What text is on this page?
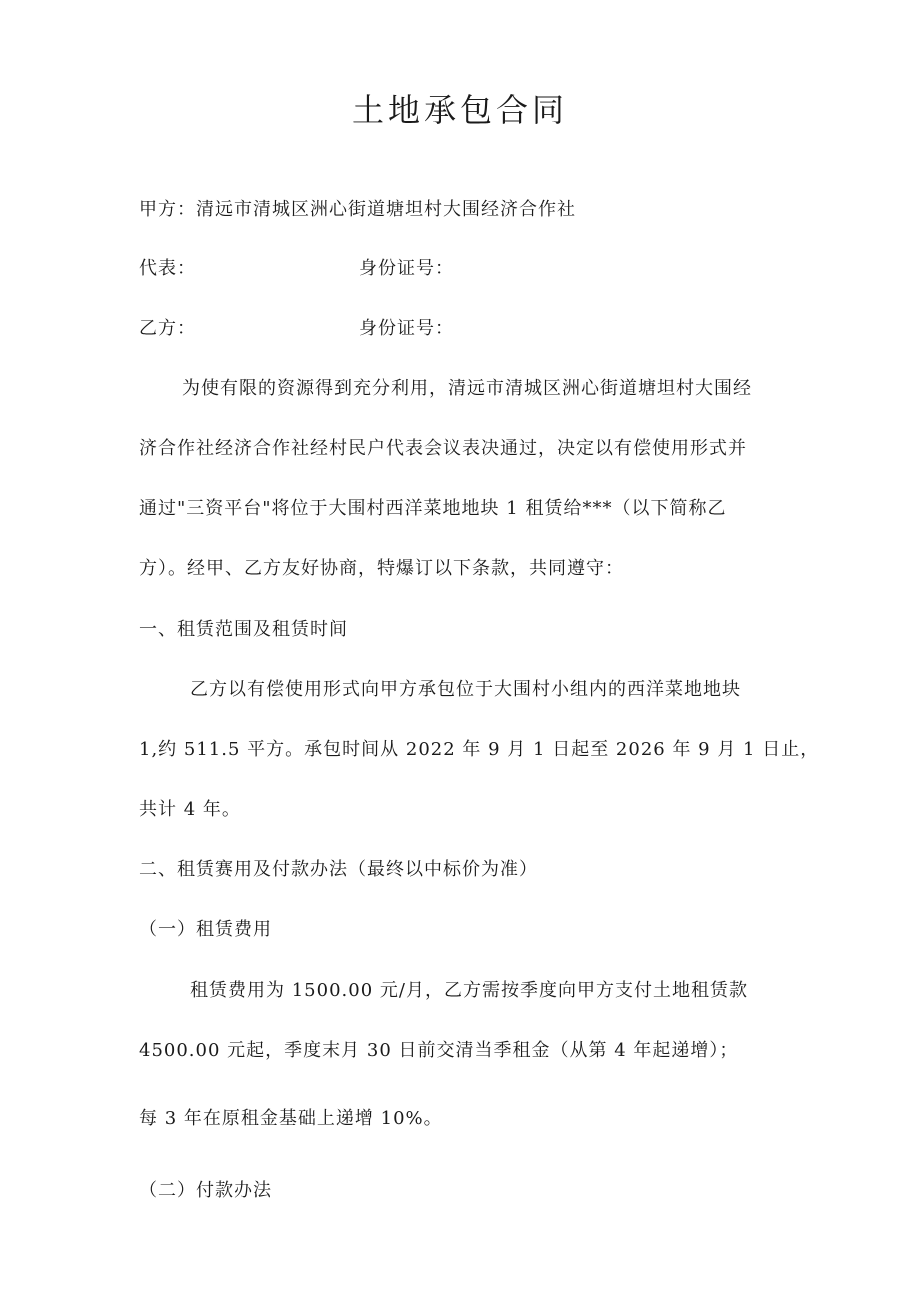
土地承包合同
甲方：清远市清城区洲心街道塘坦村大围经济合作社
代表：	身份证号：
乙方：	身份证号：
为使有限的资源得到充分利用，清远市清城区洲心街道塘坦村大围经
济合作社经济合作社经村民户代表会议表决通过，决定以有偿使用形式并
通过"三资平台"将位于大围村西洋菜地地块 1 租赁给***（以下简称乙
方）。经甲、乙方友好协商，特爆订以下条款，共同遵守：
一、租赁范围及租赁时间
乙方以有偿使用形式向甲方承包位于大围村小组内的西洋菜地地块
1,约 511.5 平方。承包时间从 2022 年 9 月 1 日起至 2026 年 9 月 1 日止，
共计 4 年。
二、租赁赛用及付款办法（最终以中标价为准）
（一）租赁费用
租赁费用为 1500.00 元/月，乙方需按季度向甲方支付土地租赁款
4500.00 元起，季度末月 30 日前交清当季租金（从第 4 年起递增）；
每 3 年在原租金基础上递增 10%。
（二）付款办法
